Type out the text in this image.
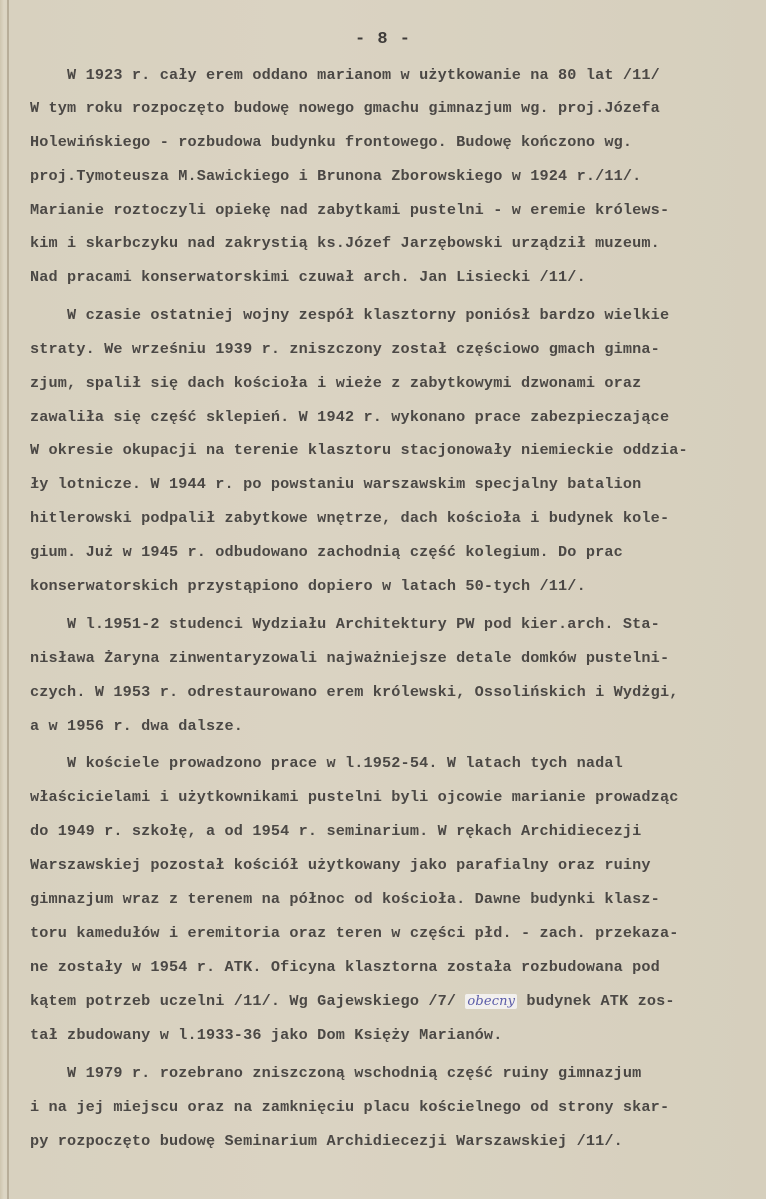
- 8 -
W 1923 r. cały erem oddano marianom w użytkowanie na 80 lat /11/
W tym roku rozpoczęto budowę nowego gmachu gimnazjum wg. proj.Józefa
Holewińskiego - rozbudowa budynku frontowego. Budowę kończono wg.
proj.Tymoteusza M.Sawickiego i Brunona Zborowskiego w 1924 r./11/.
Marianie roztoczyli opiekę nad zabytkami pustelni - w eremie królews-
kim i skarbczyku nad zakrystią ks.Józef Jarzębowski urządził muzeum.
Nad pracami konserwatorskimi czuwał arch. Jan Lisiecki /11/.
W czasie ostatniej wojny zespół klasztorny poniósł bardzo wielkie
straty. We wrześniu 1939 r. zniszczony został częściowo gmach gimna-
zjum, spalił się dach kościoła i wieże z zabytkowymi dzwonami oraz
zawaliła się część sklepień. W 1942 r. wykonano prace zabezpieczające
W okresie okupacji na terenie klasztoru stacjonowały niemieckie oddzia-
ły lotnicze. W 1944 r. po powstaniu warszawskim specjalny batalion
hitlerowski podpalił zabytkowe wnętrze, dach kościoła i budynek kole-
gium. Już w 1945 r. odbudowano zachodnią część kolegium. Do prac
konserwatorskich przystąpiono dopiero w latach 50-tych /11/.
W l.1951-2 studenci Wydziału Architektury PW pod kier.arch. Sta-
nisława Żaryna zinwentaryzowali najważniejsze detale domków pustelni-
czych. W 1953 r. odrestaurowano erem królewski, Ossolińskich i Wydżgi,
a w 1956 r. dwa dalsze.
W kościele prowadzono prace w l.1952-54. W latach tych nadal
właścicielami i użytkownikami pustelni byli ojcowie marianie prowadząc
do 1949 r. szkołę, a od 1954 r. seminarium. W rękach Archidiecezji
Warszawskiej pozostał kościół użytkowany jako parafialny oraz ruiny
gimnazjum wraz z terenem na północ od kościoła. Dawne budynki klasz-
toru kamedułów i eremitoria oraz teren w części płd. - zach. przekaza-
ne zostały w 1954 r. ATK. Oficyna klasztorna została rozbudowana pod
kątem potrzeb uczelni /11/. Wg Gajewskiego /7/ obecny budynek ATK zos-
tał zbudowany w l.1933-36 jako Dom Księży Marianów.
W 1979 r. rozebrano zniszczoną wschodnią część ruiny gimnazjum
i na jej miejscu oraz na zamknięciu placu kościelnego od strony skar-
py rozpoczęto budowę Seminarium Archidiecezji Warszawskiej /11/.
